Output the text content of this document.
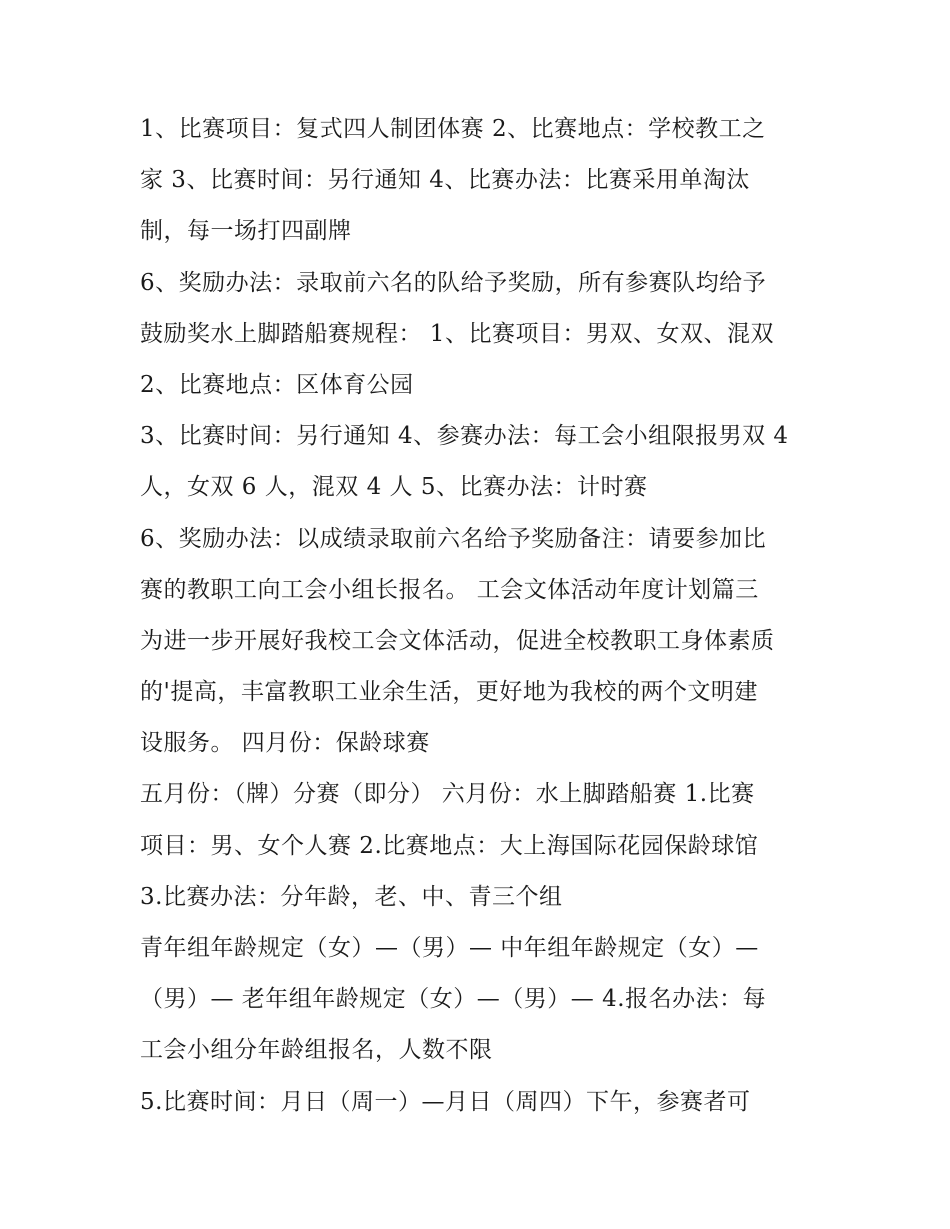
1、比赛项目：复式四人制团体赛 2、比赛地点：学校教工之
家 3、比赛时间：另行通知 4、比赛办法：比赛采用单淘汰
制，每一场打四副牌
6、奖励办法：录取前六名的队给予奖励，所有参赛队均给予
鼓励奖水上脚踏船赛规程： 1、比赛项目：男双、女双、混双
2、比赛地点：区体育公园
3、比赛时间：另行通知 4、参赛办法：每工会小组限报男双 4
人，女双 6 人，混双 4 人 5、比赛办法：计时赛
6、奖励办法：以成绩录取前六名给予奖励备注：请要参加比
赛的教职工向工会小组长报名。 工会文体活动年度计划篇三
为进一步开展好我校工会文体活动，促进全校教职工身体素质
的'提高，丰富教职工业余生活，更好地为我校的两个文明建
设服务。 四月份：保龄球赛
五月份：（牌）分赛（即分） 六月份：水上脚踏船赛 1.比赛
项目：男、女个人赛 2.比赛地点：大上海国际花园保龄球馆
3.比赛办法：分年龄，老、中、青三个组
青年组年龄规定（女）—（男）— 中年组年龄规定（女）—
（男）— 老年组年龄规定（女）—（男）— 4.报名办法：每
工会小组分年龄组报名，人数不限
5.比赛时间：月日（周一）—月日（周四）下午，参赛者可
